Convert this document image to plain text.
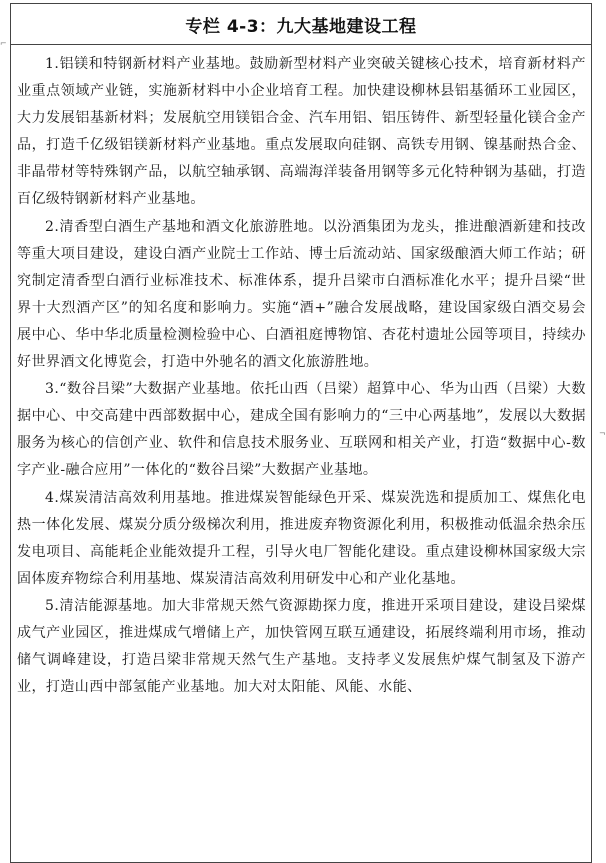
⌐
¬
专栏 4-3：九大基地建设工程

1.铝镁和特钢新材料产业基地。鼓励新型材料产业突破关键核心技术，培育新材料产业重点领域产业链，实施新材料中小企业培育工程。加快建设柳林县铝基循环工业园区，大力发展铝基新材料；发展航空用镁铝合金、汽车用铝、铝压铸件、新型轻量化镁合金产品，打造千亿级铝镁新材料产业基地。重点发展取向硅钢、高铁专用钢、镍基耐热合金、非晶带材等特殊钢产品，以航空轴承钢、高端海洋装备用钢等多元化特种钢为基础，打造百亿级特钢新材料产业基地。

2.清香型白酒生产基地和酒文化旅游胜地。以汾酒集团为龙头，推进酿酒新建和技改等重大项目建设，建设白酒产业院士工作站、博士后流动站、国家级酿酒大师工作站；研究制定清香型白酒行业标准技术、标准体系，提升吕梁市白酒标准化水平；提升吕梁“世界十大烈酒产区”的知名度和影响力。实施“酒+”融合发展战略，建设国家级白酒交易会展中心、华中华北质量检测检验中心、白酒祖庭博物馆、杏花村遗址公园等项目，持续办好世界酒文化博览会，打造中外驰名的酒文化旅游胜地。

3.“数谷吕梁”大数据产业基地。依托山西（吕梁）超算中心、华为山西（吕梁）大数据中心、中交高建中西部数据中心，建成全国有影响力的“三中心两基地”，发展以大数据服务为核心的信创产业、软件和信息技术服务业、互联网和相关产业，打造“数据中心-数字产业-融合应用”一体化的“数谷吕梁”大数据产业基地。

4.煤炭清洁高效利用基地。推进煤炭智能绿色开采、煤炭洗选和提质加工、煤焦化电热一体化发展、煤炭分质分级梯次利用，推进废弃物资源化利用，积极推动低温余热余压发电项目、高能耗企业能效提升工程，引导火电厂智能化建设。重点建设柳林国家级大宗固体废弃物综合利用基地、煤炭清洁高效利用研发中心和产业化基地。

5.清洁能源基地。加大非常规天然气资源勘探力度，推进开采项目建设，建设吕梁煤成气产业园区，推进煤成气增储上产，加快管网互联互通建设，拓展终端利用市场，推动储气调峰建设，打造吕梁非常规天然气生产基地。支持孝义发展焦炉煤气制氢及下游产业，打造山西中部氢能产业基地。加大对太阳能、风能、水能、
